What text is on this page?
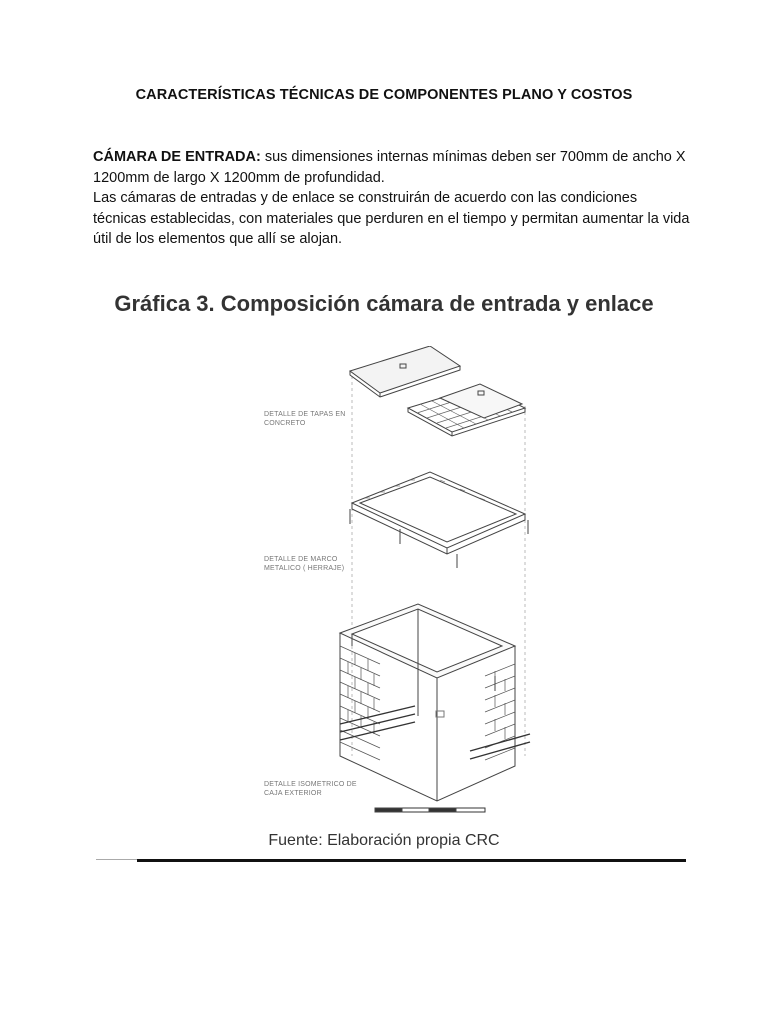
CARACTERÍSTICAS TÉCNICAS DE COMPONENTES PLANO Y COSTOS
CÁMARA DE ENTRADA: sus dimensiones internas mínimas deben ser 700mm de ancho X 1200mm de largo X 1200mm de profundidad.
Las cámaras de entradas y de enlace se construirán de acuerdo con las condiciones técnicas establecidas, con materiales que perduren en el tiempo y permitan aumentar la vida útil de los elementos que allí se alojan.
Gráfica 3. Composición cámara de entrada y enlace
DETALLE DE TAPAS EN CONCRETO
DETALLE DE MARCO METALICO ( HERRAJE)
DETALLE ISOMETRICO DE CAJA EXTERIOR
Fuente: Elaboración propia CRC
